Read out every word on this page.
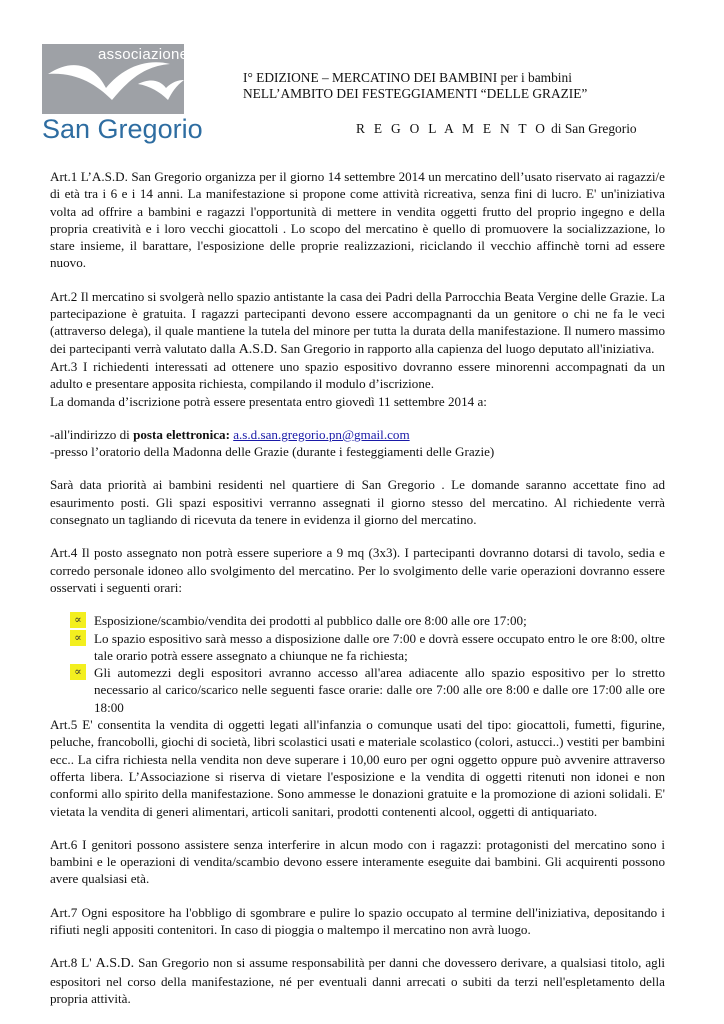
associazione
San Gregorio
I° EDIZIONE – MERCATINO DEI BAMBINI per i bambini
NELL’AMBITO DEI FESTEGGIAMENTI “DELLE GRAZIE”
R E G O L A M E N T O di San Gregorio

Art.1 L’A.S.D. San Gregorio organizza per il giorno 14 settembre 2014 un mercatino dell’usato riservato ai ragazzi/e di età tra i 6 e i 14 anni. La manifestazione si propone come attività ricreativa, senza fini di lucro. E' un'iniziativa volta ad offrire a bambini e ragazzi l'opportunità di mettere in vendita oggetti frutto del proprio ingegno e della propria creatività e i loro vecchi giocattoli . Lo scopo del mercatino è quello di promuovere la socializzazione, lo stare insieme, il barattare, l'esposizione delle proprie realizzazioni, riciclando il vecchio affinchè torni ad essere nuovo.

Art.2 Il mercatino si svolgerà nello spazio antistante la casa dei Padri della Parrocchia Beata Vergine delle Grazie. La partecipazione è gratuita. I ragazzi partecipanti devono essere accompagnanti da un genitore o chi ne fa le veci (attraverso delega), il quale mantiene la tutela del minore per tutta la durata della manifestazione. Il numero massimo dei partecipanti verrà valutato dalla A.S.D. San Gregorio in rapporto alla capienza del luogo deputato all'iniziativa.

Art.3 I richiedenti interessati ad ottenere uno spazio espositivo dovranno essere minorenni accompagnati da un adulto e presentare apposita richiesta, compilando il modulo d’iscrizione.

La domanda d’iscrizione potrà essere presentata entro giovedì 11 settembre 2014 a:

-all'indirizzo di posta elettronica: a.s.d.san.gregorio.pn@gmail.com

-presso l’oratorio della Madonna delle Grazie (durante i festeggiamenti delle Grazie)

Sarà data priorità ai bambini residenti nel quartiere di San Gregorio . Le domande saranno accettate fino ad esaurimento posti. Gli spazi espositivi verranno assegnati il giorno stesso del mercatino. Al richiedente verrà consegnato un tagliando di ricevuta da tenere in evidenza il giorno del mercatino.

Art.4 Il posto assegnato non potrà essere superiore a 9 mq (3x3). I partecipanti dovranno dotarsi di tavolo, sedia e corredo personale idoneo allo svolgimento del mercatino. Per lo svolgimento delle varie operazioni dovranno essere osservati i seguenti orari:

∝ Esposizione/scambio/vendita dei prodotti al pubblico dalle ore 8:00 alle ore 17:00;
∝ Lo spazio espositivo sarà messo a disposizione dalle ore 7:00 e dovrà essere occupato entro le ore 8:00, oltre tale orario potrà essere assegnato a chiunque ne fa richiesta;
∝ Gli automezzi degli espositori avranno accesso all'area adiacente allo spazio espositivo per lo stretto necessario al carico/scarico nelle seguenti fasce orarie: dalle ore 7:00 alle ore 8:00 e dalle ore 17:00 alle ore 18:00

Art.5 E' consentita la vendita di oggetti legati all'infanzia o comunque usati del tipo: giocattoli, fumetti, figurine, peluche, francobolli, giochi di società, libri scolastici usati e materiale scolastico (colori, astucci..) vestiti per bambini ecc.. La cifra richiesta nella vendita non deve superare i 10,00 euro per ogni oggetto oppure può avvenire attraverso offerta libera. L’Associazione si riserva di vietare l'esposizione e la vendita di oggetti ritenuti non idonei e non conformi allo spirito della manifestazione. Sono ammesse le donazioni gratuite e la promozione di azioni solidali. E' vietata la vendita di generi alimentari, articoli sanitari, prodotti contenenti alcool, oggetti di antiquariato.

Art.6 I genitori possono assistere senza interferire in alcun modo con i ragazzi: protagonisti del mercatino sono i bambini e le operazioni di vendita/scambio devono essere interamente eseguite dai bambini. Gli acquirenti possono avere qualsiasi età.

Art.7 Ogni espositore ha l'obbligo di sgombrare e pulire lo spazio occupato al termine dell'iniziativa, depositando i rifiuti negli appositi contenitori. In caso di pioggia o maltempo il mercatino non avrà luogo.

Art.8 L' A.S.D. San Gregorio non si assume responsabilità per danni che dovessero derivare, a qualsiasi titolo, agli espositori nel corso della manifestazione, né per eventuali danni arrecati o subiti da terzi nell'espletamento della propria attività.
